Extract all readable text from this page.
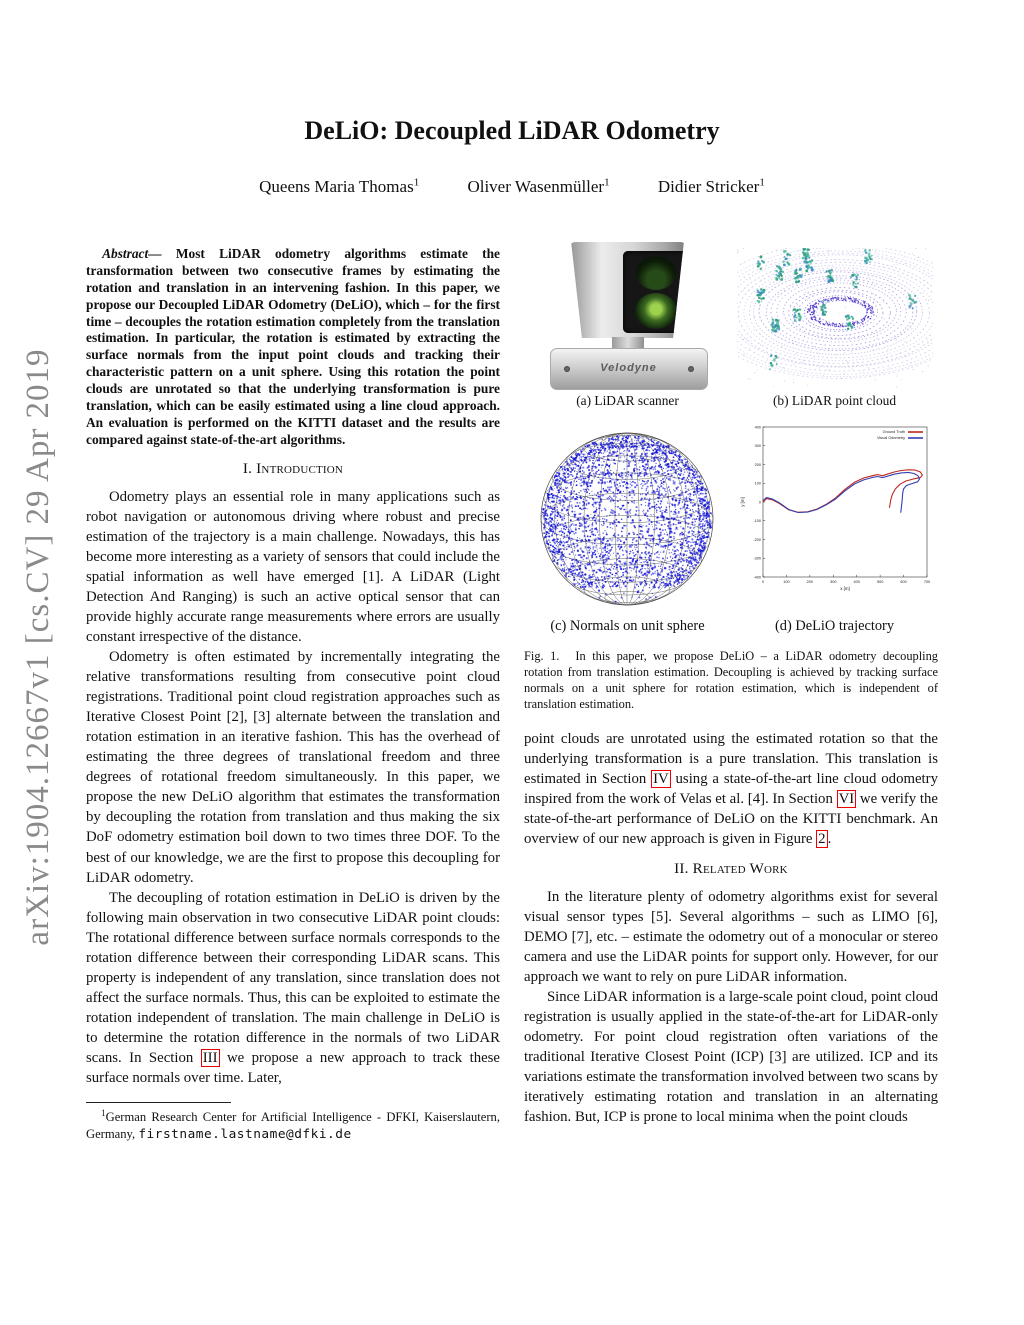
arXiv:1904.12667v1 [cs.CV] 29 Apr 2019
DeLiO: Decoupled LiDAR Odometry
Queens Maria Thomas$^1$	Oliver Wasenmüller$^1$	Didier Stricker$^1$

Abstract— Most LiDAR odometry algorithms estimate the transformation between two consecutive frames by estimating the rotation and translation in an intervening fashion. In this paper, we propose our Decoupled LiDAR Odometry (DeLiO), which – for the first time – decouples the rotation estimation completely from the translation estimation. In particular, the rotation is estimated by extracting the surface normals from the input point clouds and tracking their characteristic pattern on a unit sphere. Using this rotation the point clouds are unrotated so that the underlying transformation is pure translation, which can be easily estimated using a line cloud approach. An evaluation is performed on the KITTI dataset and the results are compared against state-of-the-art algorithms.

I. Introduction

Odometry plays an essential role in many applications such as robot navigation or autonomous driving where robust and precise estimation of the trajectory is a main challenge. Nowadays, this has become more interesting as a variety of sensors that could include the spatial information as well have emerged [1]. A LiDAR (Light Detection And Ranging) is such an active optical sensor that can provide highly accurate range measurements where errors are usually constant irrespective of the distance.

Odometry is often estimated by incrementally integrating the relative transformations resulting from consecutive point cloud registrations. Traditional point cloud registration approaches such as Iterative Closest Point [2], [3] alternate between the translation and rotation estimation in an iterative fashion. This has the overhead of estimating the three degrees of translational freedom and three degrees of rotational freedom simultaneously. In this paper, we propose the new DeLiO algorithm that estimates the transformation by decoupling the rotation from translation and thus making the six DoF odometry estimation boil down to two times three DOF. To the best of our knowledge, we are the first to propose this decoupling for LiDAR odometry.

The decoupling of rotation estimation in DeLiO is driven by the following main observation in two consecutive LiDAR point clouds: The rotational difference between surface normals corresponds to the rotation difference between their corresponding LiDAR scans. This property is independent of any translation, since translation does not affect the surface normals. Thus, this can be exploited to estimate the rotation independent of translation. The main challenge in DeLiO is to determine the rotation difference in the normals of two LiDAR scans. In Section III we propose a new approach to track these surface normals over time. Later,

$^1$German Research Center for Artificial Intelligence - DFKI, Kaiserslautern, Germany, firstname.lastname@dfki.de

Velodyne
(a) LiDAR scanner	(b) LiDAR point cloud
(c) Normals on unit sphere
-400
-300
-200
-100
0
100
200
300
400
0	100	200	300	400	500	600	700
x [m]
y [m]
Ground Truth
Visual Odometry
(d) DeLiO trajectory

Fig. 1. In this paper, we propose DeLiO – a LiDAR odometry decoupling rotation from translation estimation. Decoupling is achieved by tracking surface normals on a unit sphere for rotation estimation, which is independent of translation estimation.

point clouds are unrotated using the estimated rotation so that the underlying transformation is a pure translation. This translation is estimated in Section IV using a state-of-the-art line cloud odometry inspired from the work of Velas et al. [4]. In Section VI we verify the state-of-the-art performance of DeLiO on the KITTI benchmark. An overview of our new approach is given in Figure 2 .

II. Related Work

In the literature plenty of odometry algorithms exist for several visual sensor types [5]. Several algorithms – such as LIMO [6], DEMO [7], etc. – estimate the odometry out of a monocular or stereo camera and use the LiDAR points for support only. However, for our approach we want to rely on pure LiDAR information.

Since LiDAR information is a large-scale point cloud, point cloud registration is usually applied in the state-of-the-art for LiDAR-only odometry. For point cloud registration often variations of the traditional Iterative Closest Point (ICP) [3] are utilized. ICP and its variations estimate the transformation involved between two scans by iteratively estimating rotation and translation in an alternating fashion. But, ICP is prone to local minima when the point clouds
